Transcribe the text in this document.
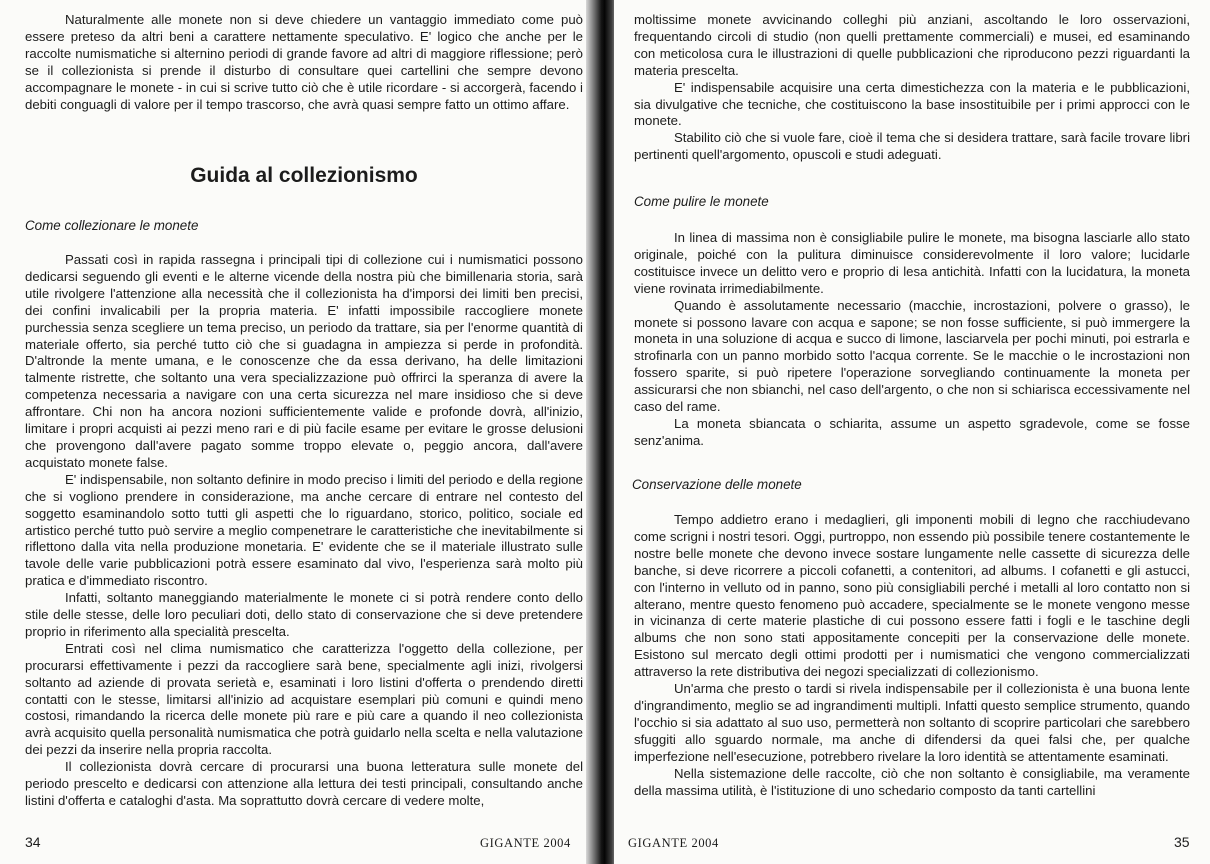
Naturalmente alle monete non si deve chiedere un vantaggio immediato come può essere preteso da altri beni a carattere nettamente speculativo. E' logico che anche per le raccolte numismatiche si alternino periodi di grande favore ad altri di maggiore riflessione; però se il collezionista si prende il disturbo di consultare quei cartellini che sempre devono accompagnare le monete - in cui si scrive tutto ciò che è utile ricordare - si accorgerà, facendo i debiti conguagli di valore per il tempo trascorso, che avrà quasi sempre fatto un ottimo affare.

Guida al collezionismo
Come collezionare le monete

Passati così in rapida rassegna i principali tipi di collezione cui i numismatici possono dedicarsi seguendo gli eventi e le alterne vicende della nostra più che bimillenaria storia, sarà utile rivolgere l'attenzione alla necessità che il collezionista ha d'imporsi dei limiti ben precisi, dei confini invalicabili per la propria materia. E' infatti impossibile raccogliere monete purchessia senza scegliere un tema preciso, un periodo da trattare, sia per l'enorme quantità di materiale offerto, sia perché tutto ciò che si guadagna in ampiezza si perde in profondità. D'altronde la mente umana, e le conoscenze che da essa derivano, ha delle limitazioni talmente ristrette, che soltanto una vera specializzazione può offrirci la speranza di avere la competenza necessaria a navigare con una certa sicurezza nel mare insidioso che si deve affrontare. Chi non ha ancora nozioni sufficientemente valide e profonde dovrà, all'inizio, limitare i propri acquisti ai pezzi meno rari e di più facile esame per evitare le grosse delusioni che provengono dall'avere pagato somme troppo elevate o, peggio ancora, dall'avere acquistato monete false.

E' indispensabile, non soltanto definire in modo preciso i limiti del periodo e della regione che si vogliono prendere in considerazione, ma anche cercare di entrare nel contesto del soggetto esaminandolo sotto tutti gli aspetti che lo riguardano, storico, politico, sociale ed artistico perché tutto può servire a meglio compenetrare le caratteristiche che inevitabilmente si riflettono dalla vita nella produzione monetaria. E' evidente che se il materiale illustrato sulle tavole delle varie pubblicazioni potrà essere esaminato dal vivo, l'esperienza sarà molto più pratica e d'immediato riscontro.

Infatti, soltanto maneggiando materialmente le monete ci si potrà rendere conto dello stile delle stesse, delle loro peculiari doti, dello stato di conservazione che si deve pretendere proprio in riferimento alla specialità prescelta.

Entrati così nel clima numismatico che caratterizza l'oggetto della collezione, per procurarsi effettivamente i pezzi da raccogliere sarà bene, specialmente agli inizi, rivolgersi soltanto ad aziende di provata serietà e, esaminati i loro listini d'offerta o prendendo diretti contatti con le stesse, limitarsi all'inizio ad acquistare esemplari più comuni e quindi meno costosi, rimandando la ricerca delle monete più rare e più care a quando il neo collezionista avrà acquisito quella personalità numismatica che potrà guidarlo nella scelta e nella valutazione dei pezzi da inserire nella propria raccolta.

Il collezionista dovrà cercare di procurarsi una buona letteratura sulle monete del periodo prescelto e dedicarsi con attenzione alla lettura dei testi principali, consultando anche listini d'offerta e cataloghi d'asta. Ma soprattutto dovrà cercare di vedere molte,

34	GIGANTE 2004

moltissime monete avvicinando colleghi più anziani, ascoltando le loro osservazioni, frequentando circoli di studio (non quelli prettamente commerciali) e musei, ed esaminando con meticolosa cura le illustrazioni di quelle pubblicazioni che riproducono pezzi riguardanti la materia prescelta.

E' indispensabile acquisire una certa dimestichezza con la materia e le pubblicazioni, sia divulgative che tecniche, che costituiscono la base insostituibile per i primi approcci con le monete.

Stabilito ciò che si vuole fare, cioè il tema che si desidera trattare, sarà facile trovare libri pertinenti quell'argomento, opuscoli e studi adeguati.

Come pulire le monete

In linea di massima non è consigliabile pulire le monete, ma bisogna lasciarle allo stato originale, poiché con la pulitura diminuisce considerevolmente il loro valore; lucidarle costituisce invece un delitto vero e proprio di lesa antichità. Infatti con la lucidatura, la moneta viene rovinata irrimediabilmente.

Quando è assolutamente necessario (macchie, incrostazioni, polvere o grasso), le monete si possono lavare con acqua e sapone; se non fosse sufficiente, si può immergere la moneta in una soluzione di acqua e succo di limone, lasciarvela per pochi minuti, poi estrarla e strofinarla con un panno morbido sotto l'acqua corrente. Se le macchie o le incrostazioni non fossero sparite, si può ripetere l'operazione sorvegliando continuamente la moneta per assicurarsi che non sbianchi, nel caso dell'argento, o che non si schiarisca eccessivamente nel caso del rame.

La moneta sbiancata o schiarita, assume un aspetto sgradevole, come se fosse senz'anima.

Conservazione delle monete

Tempo addietro erano i medaglieri, gli imponenti mobili di legno che racchiudevano come scrigni i nostri tesori. Oggi, purtroppo, non essendo più possibile tenere costantemente le nostre belle monete che devono invece sostare lungamente nelle cassette di sicurezza delle banche, si deve ricorrere a piccoli cofanetti, a contenitori, ad albums. I cofanetti e gli astucci, con l'interno in velluto od in panno, sono più consigliabili perché i metalli al loro contatto non si alterano, mentre questo fenomeno può accadere, specialmente se le monete vengono messe in vicinanza di certe materie plastiche di cui possono essere fatti i fogli e le taschine degli albums che non sono stati appositamente concepiti per la conservazione delle monete. Esistono sul mercato degli ottimi prodotti per i numismatici che vengono commercializzati attraverso la rete distributiva dei negozi specializzati di collezionismo.

Un'arma che presto o tardi si rivela indispensabile per il collezionista è una buona lente d'ingrandimento, meglio se ad ingrandimenti multipli. Infatti questo semplice strumento, quando l'occhio si sia adattato al suo uso, permetterà non soltanto di scoprire particolari che sarebbero sfuggiti allo sguardo normale, ma anche di difendersi da quei falsi che, per qualche imperfezione nell'esecuzione, potrebbero rivelare la loro identità se attentamente esaminati.

Nella sistemazione delle raccolte, ciò che non soltanto è consigliabile, ma veramente della massima utilità, è l'istituzione di uno schedario composto da tanti cartellini

GIGANTE 2004	35
